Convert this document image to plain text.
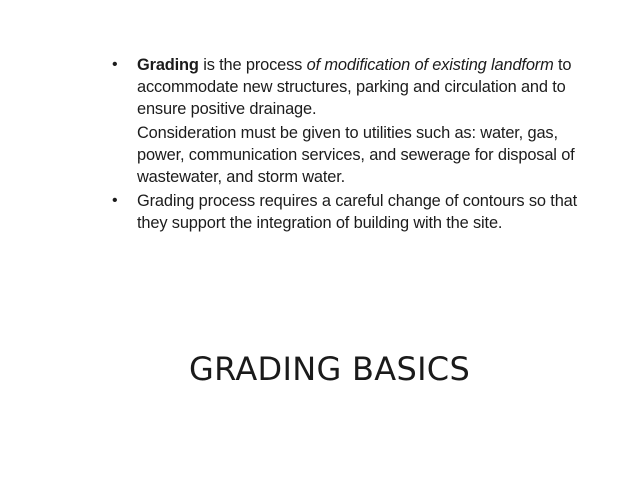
•	Grading is the process of modification of existing landform to accommodate new structures, parking and circulation and to ensure positive drainage.

Consideration must be given to utilities such as: water, gas, power, communication services, and sewerage for disposal of wastewater, and storm water.

•	Grading process requires a careful change of contours so that they support the integration of building with the site.

GRADING BASICS
